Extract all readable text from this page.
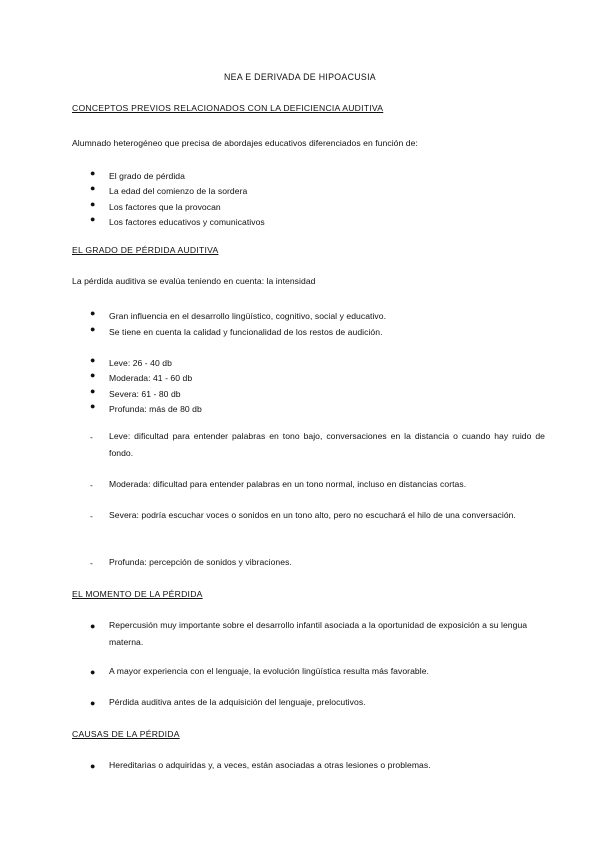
NEA E DERIVADA DE HIPOACUSIA
CONCEPTOS PREVIOS RELACIONADOS CON LA DEFICIENCIA AUDITIVA
Alumnado heterogéneo que precisa de abordajes educativos diferenciados en función de:
● El grado de pérdida
● La edad del comienzo de la sordera
● Los factores que la provocan
● Los factores educativos y comunicativos
EL GRADO DE PÉRDIDA AUDITIVA
La pérdida auditiva se evalúa teniendo en cuenta: la intensidad
● Gran influencia en el desarrollo lingüístico, cognitivo, social y educativo.
● Se tiene en cuenta la calidad y funcionalidad de los restos de audición.
● Leve: 26 - 40 db
● Moderada: 41 - 60 db
● Severa: 61 - 80 db
● Profunda: más de 80 db
- Leve: dificultad para entender palabras en tono bajo, conversaciones en la distancia o cuando hay ruido de fondo.
- Moderada: dificultad para entender palabras en un tono normal, incluso en distancias cortas.
- Severa: podría escuchar voces o sonidos en un tono alto, pero no escuchará el hilo de una conversación.
- Profunda: percepción de sonidos y vibraciones.
EL MOMENTO DE LA PÉRDIDA
● Repercusión muy importante sobre el desarrollo infantil asociada a la oportunidad de exposición a su lengua materna.
● A mayor experiencia con el lenguaje, la evolución lingüística resulta más favorable.
● Pérdida auditiva antes de la adquisición del lenguaje, prelocutivos.
CAUSAS DE LA PÉRDIDA
● Hereditarias o adquiridas y, a veces, están asociadas a otras lesiones o problemas.
